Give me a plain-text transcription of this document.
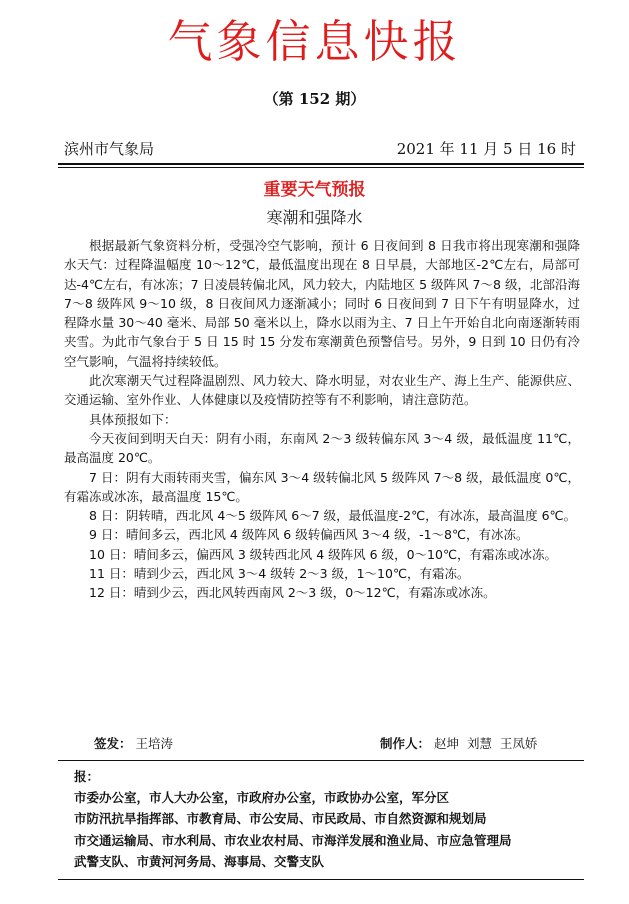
气象信息快报
（第 152 期）
滨州市气象局	2021 年 11 月 5 日 16 时
重要天气预报
寒潮和强降水

根据最新气象资料分析，受强冷空气影响，预计 6 日夜间到 8 日我市将出现寒潮和强降水天气：过程降温幅度 10～12℃，最低温度出现在 8 日早晨，大部地区-2℃左右，局部可达-4℃左右，有冰冻；7 日凌晨转偏北风，风力较大，内陆地区 5 级阵风 7～8 级，北部沿海 7～8 级阵风 9～10 级，8 日夜间风力逐渐减小；同时 6 日夜间到 7 日下午有明显降水，过程降水量 30～40 毫米、局部 50 毫米以上，降水以雨为主、7 日上午开始自北向南逐渐转雨夹雪。为此市气象台于 5 日 15 时 15 分发布寒潮黄色预警信号。另外，9 日到 10 日仍有冷空气影响，气温将持续较低。

此次寒潮天气过程降温剧烈、风力较大、降水明显，对农业生产、海上生产、能源供应、交通运输、室外作业、人体健康以及疫情防控等有不利影响，请注意防范。

具体预报如下：

今天夜间到明天白天：阴有小雨，东南风 2～3 级转偏东风 3～4 级，最低温度 11℃，最高温度 20℃。

7 日：阴有大雨转雨夹雪，偏东风 3～4 级转偏北风 5 级阵风 7～8 级，最低温度 0℃，有霜冻或冰冻，最高温度 15℃。

8 日：阴转晴，西北风 4～5 级阵风 6～7 级，最低温度-2℃，有冰冻，最高温度 6℃。

9 日：晴间多云，西北风 4 级阵风 6 级转偏西风 3～4 级，-1～8℃，有冰冻。

10 日：晴间多云，偏西风 3 级转西北风 4 级阵风 6 级，0～10℃，有霜冻或冰冻。

11 日：晴到少云，西北风 3～4 级转 2～3 级，1～10℃，有霜冻。

12 日：晴到少云，西北风转西南风 2～3 级，0～12℃，有霜冻或冰冻。

签发： 王培涛	制作人： 赵坤  刘慧  王凤娇
报：
市委办公室，市人大办公室，市政府办公室，市政协办公室，军分区
市防汛抗旱指挥部、市教育局、市公安局、市民政局、市自然资源和规划局
市交通运输局、市水利局、市农业农村局、市海洋发展和渔业局、市应急管理局
武警支队、市黄河河务局、海事局、交警支队
